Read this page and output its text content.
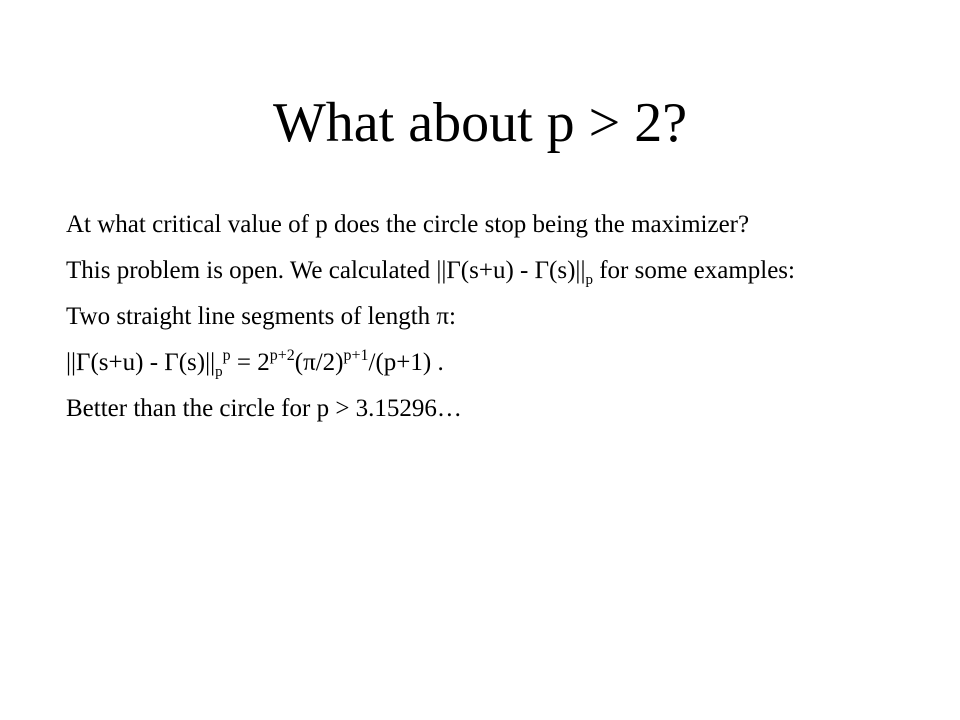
What about p > 2?

At what critical value of p does the circle stop being the maximizer?

This problem is open. We calculated $||\Gamma(s+u) - \Gamma(s)||_p$ for some examples:

Two straight line segments of length π:

$||\Gamma(s+u) - \Gamma(s)||_p^p = 2^{p+2}(\pi/2)^{p+1}/(p+1)$ .

Better than the circle for p > 3.15296…
